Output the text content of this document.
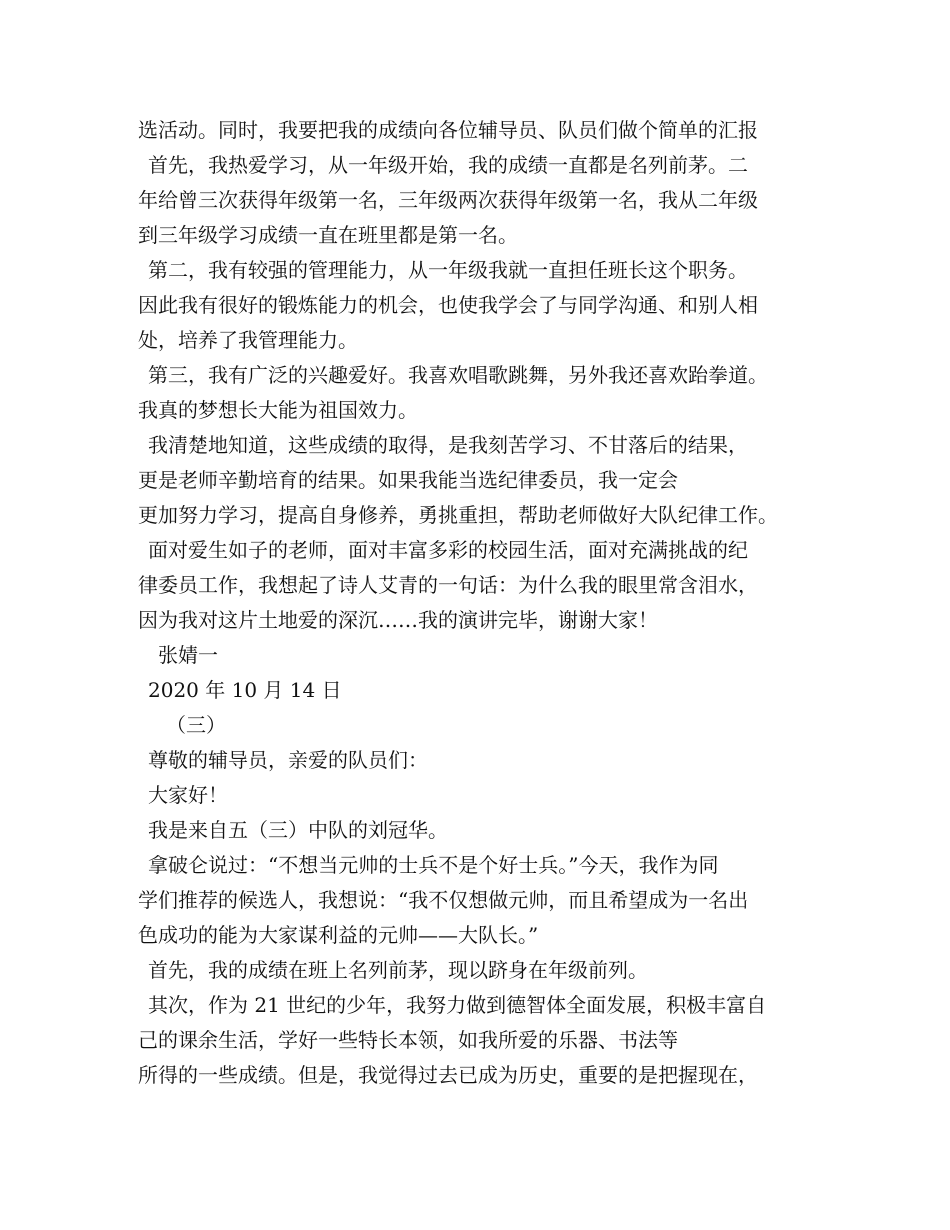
选活动。同时，我要把我的成绩向各位辅导员、队员们做个简单的汇报
首先，我热爱学习，从一年级开始，我的成绩一直都是名列前茅。二
年给曾三次获得年级第一名，三年级两次获得年级第一名，我从二年级
到三年级学习成绩一直在班里都是第一名。
第二，我有较强的管理能力，从一年级我就一直担任班长这个职务。
因此我有很好的锻炼能力的机会，也使我学会了与同学沟通、和别人相
处，培养了我管理能力。
第三，我有广泛的兴趣爱好。我喜欢唱歌跳舞，另外我还喜欢跆拳道。
我真的梦想长大能为祖国效力。
我清楚地知道，这些成绩的取得，是我刻苦学习、不甘落后的结果，
更是老师辛勤培育的结果。如果我能当选纪律委员，我一定会
更加努力学习，提高自身修养，勇挑重担，帮助老师做好大队纪律工作。
面对爱生如子的老师，面对丰富多彩的校园生活，面对充满挑战的纪
律委员工作，我想起了诗人艾青的一句话：为什么我的眼里常含泪水，
因为我对这片土地爱的深沉……我的演讲完毕，谢谢大家！
张婧一
2020 年 10 月 14 日
（三）
尊敬的辅导员，亲爱的队员们：
大家好！
我是来自五（三）中队的刘冠华。
拿破仑说过：“不想当元帅的士兵不是个好士兵。”今天，我作为同
学们推荐的候选人，我想说：“我不仅想做元帅，而且希望成为一名出
色成功的能为大家谋利益的元帅——大队长。”
首先，我的成绩在班上名列前茅，现以跻身在年级前列。
其次，作为 21 世纪的少年，我努力做到德智体全面发展，积极丰富自
己的课余生活，学好一些特长本领，如我所爱的乐器、书法等
所得的一些成绩。但是，我觉得过去已成为历史，重要的是把握现在，
